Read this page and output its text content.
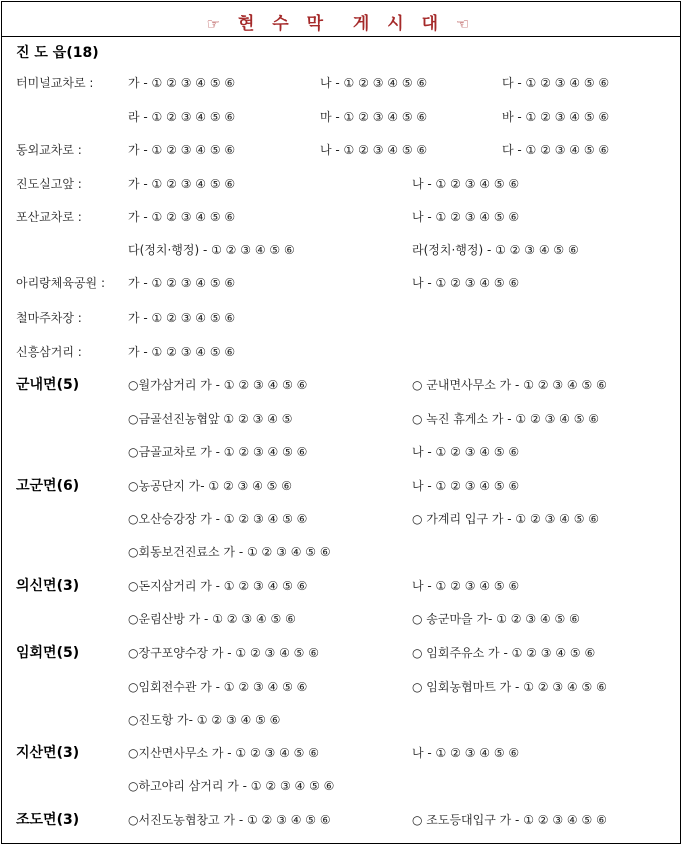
☞ 현 수 막  게 시 대 ☜
진 도 읍(18)
터미널교차로 :	가 - ① ② ③ ④ ⑤ ⑥	나 - ① ② ③ ④ ⑤ ⑥	다 - ① ② ③ ④ ⑤ ⑥
라 - ① ② ③ ④ ⑤ ⑥	마 - ① ② ③ ④ ⑤ ⑥	바 - ① ② ③ ④ ⑤ ⑥
동외교차로 :	가 - ① ② ③ ④ ⑤ ⑥	나 - ① ② ③ ④ ⑤ ⑥	다 - ① ② ③ ④ ⑤ ⑥
진도실고앞 :	가 - ① ② ③ ④ ⑤ ⑥	나 - ① ② ③ ④ ⑤ ⑥
포산교차로 :	가 - ① ② ③ ④ ⑤ ⑥	나 - ① ② ③ ④ ⑤ ⑥
다(정치·행정) - ① ② ③ ④ ⑤ ⑥	라(정치·행정) - ① ② ③ ④ ⑤ ⑥
아리랑체육공원 : 가 - ① ② ③ ④ ⑤ ⑥	나 - ① ② ③ ④ ⑤ ⑥
철마주차장 :	가 - ① ② ③ ④ ⑤ ⑥
신흥삼거리 :	가 - ① ② ③ ④ ⑤ ⑥
군내면(5)	○월가삼거리 가 - ① ② ③ ④ ⑤ ⑥	○ 군내면사무소 가 - ① ② ③ ④ ⑤ ⑥
○금골선진농협앞 ① ② ③ ④ ⑤	○ 녹진 휴게소 가 - ① ② ③ ④ ⑤ ⑥
○금골교차로 가 - ① ② ③ ④ ⑤ ⑥	나 - ① ② ③ ④ ⑤ ⑥
고군면(6)	○농공단지 가- ① ② ③ ④ ⑤ ⑥	나 - ① ② ③ ④ ⑤ ⑥
○오산승강장 가 - ① ② ③ ④ ⑤ ⑥	○ 가계리 입구 가 - ① ② ③ ④ ⑤ ⑥
○회동보건진료소 가 - ① ② ③ ④ ⑤ ⑥
의신면(3)	○돈지삼거리 가 - ① ② ③ ④ ⑤ ⑥	나 - ① ② ③ ④ ⑤ ⑥
○운림산방 가 - ① ② ③ ④ ⑤ ⑥	○ 송군마을 가- ① ② ③ ④ ⑤ ⑥
임회면(5)	○장구포양수장 가 - ① ② ③ ④ ⑤ ⑥	○ 임회주유소 가 - ① ② ③ ④ ⑤ ⑥
○임회전수관 가 - ① ② ③ ④ ⑤ ⑥	○ 임회농협마트 가 - ① ② ③ ④ ⑤ ⑥
○진도항 가- ① ② ③ ④ ⑤ ⑥
지산면(3)	○지산면사무소 가 - ① ② ③ ④ ⑤ ⑥	나 - ① ② ③ ④ ⑤ ⑥
○하고야리 삼거리 가 - ① ② ③ ④ ⑤ ⑥
조도면(3)	○서진도농협창고 가 - ① ② ③ ④ ⑤ ⑥	○ 조도등대입구 가 - ① ② ③ ④ ⑤ ⑥
